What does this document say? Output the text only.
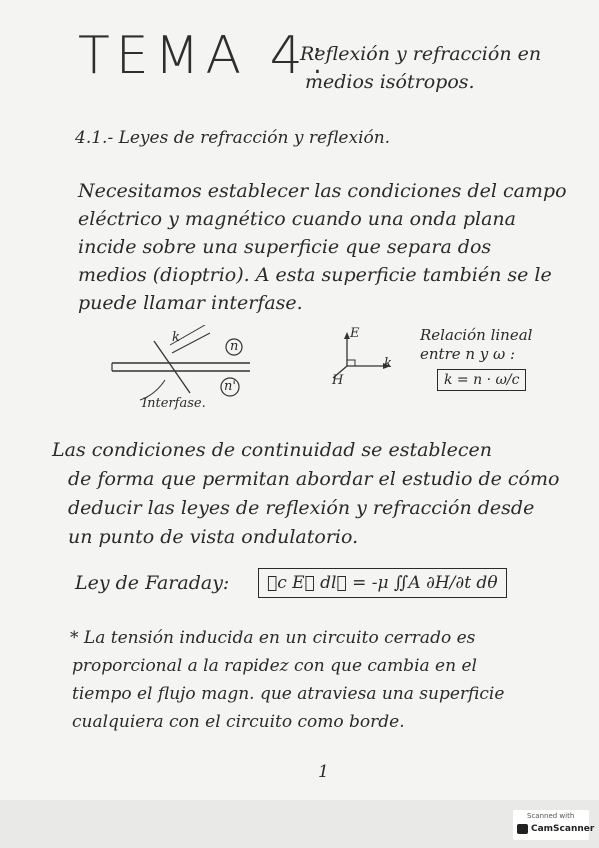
TEMA 4:
Reflexión y refracción en
medios isótropos.
4.1.- Leyes de refracción y reflexión.
Necesitamos establecer las condiciones del campo
eléctrico y magnético cuando una onda plana
incide sobre una superficie que separa dos
medios (dioptrio). A esta superficie también se le
puede llamar interfase.
k
n
n'
Interfase.
E
H
k
Relación lineal
entre n y ω :
k = n · ω/c
Las condiciones de continuidad se establecen
de forma que permitan abordar el estudio de cómo
deducir las leyes de reflexión y refracción desde
un punto de vista ondulatorio.
Ley de Faraday:	∮c E⃗ dl⃗ = -μ ∬A ∂H/∂t dθ
* La tensión inducida en un circuito cerrado es
proporcional a la rapidez con que cambia en el
tiempo el flujo magn. que atraviesa una superficie
cualquiera con el circuito como borde.
1
Scanned with
CamScanner
